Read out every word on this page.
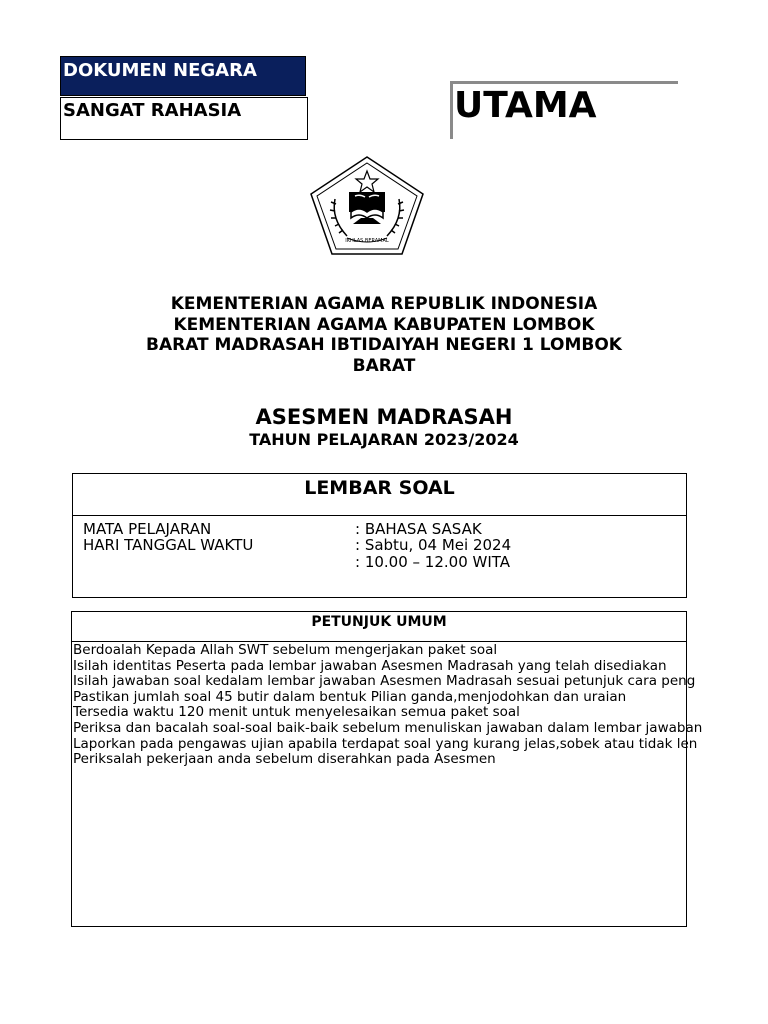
DOKUMEN NEGARA
SANGAT RAHASIA	UTAMA
IKHLAS BERAMAL
KEMENTERIAN AGAMA REPUBLIK INDONESIA
KEMENTERIAN AGAMA KABUPATEN LOMBOK
BARAT MADRASAH IBTIDAIYAH NEGERI 1 LOMBOK
BARAT
ASESMEN MADRASAH
TAHUN PELAJARAN 2023/2024
LEMBAR SOAL
MATA PELAJARAN	: BAHASA SASAK
HARI TANGGAL WAKTU	: Sabtu, 04 Mei 2024
: 10.00 – 12.00 WITA
PETUNJUK UMUM
Berdoalah Kepada Allah SWT sebelum mengerjakan paket soal
Isilah identitas Peserta pada lembar jawaban Asesmen Madrasah yang telah disediakan
Isilah jawaban soal kedalam lembar jawaban Asesmen Madrasah sesuai petunjuk cara peng
Pastikan jumlah soal 45 butir dalam bentuk Pilian ganda,menjodohkan dan uraian
Tersedia waktu 120 menit untuk menyelesaikan semua paket soal
Periksa dan bacalah soal-soal baik-baik sebelum menuliskan jawaban dalam lembar jawaban
Laporkan pada pengawas ujian apabila terdapat soal yang kurang jelas,sobek atau tidak len
Periksalah pekerjaan anda sebelum diserahkan pada Asesmen
